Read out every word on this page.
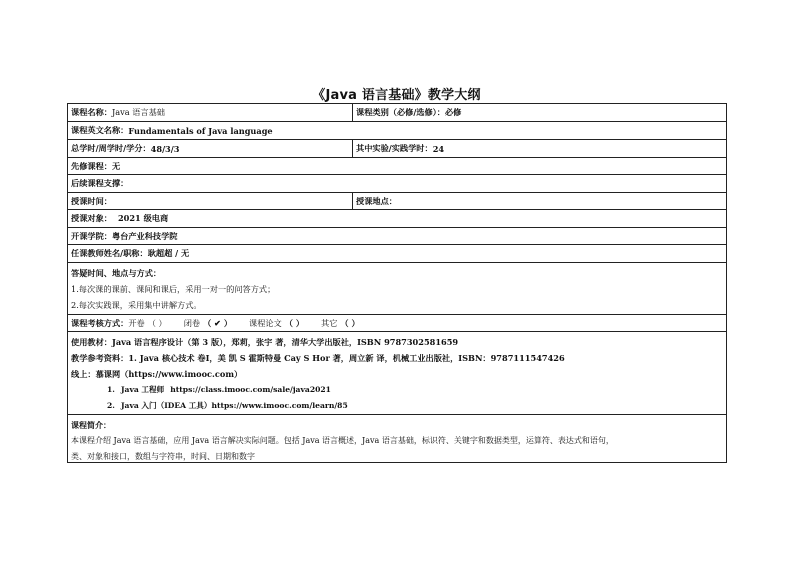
《Java 语言基础》教学大纲
课程名称： Java 语言基础	课程类别（必修/选修）： 必修
课程英文名称： Fundamentals of Java language
总学时/周学时/学分： 48/3/3	其中实验/实践学时： 24
先修课程： 无
后续课程支撑：
授课时间：	授课地点：
授课对象： 2021 级电商
开课学院： 粤台产业科技学院
任课教师姓名/职称： 耿超超 / 无
答疑时间、地点与方式：
1.每次课的课前、课间和课后，采用一对一的问答方式；
2.每次实践课，采用集中讲解方式。
课程考核方式： 开卷 （ ）	闭卷 （ ✔ ）	课程论文 （ ）	其它 （ ）
使用教材：Java 语言程序设计（第 3 版），郑莉，张宇 著，清华大学出版社，ISBN 9787302581659
教学参考资料：1. Java 核心技术 卷Ⅰ，美 凯 S 霍斯特曼 Cay S Hor 著，周立新 译，机械工业出版社，ISBN：9787111547426
线上：慕课网（https://www.imooc.com）
1. Java 工程师 https://class.imooc.com/sale/java2021
2. Java 入门（IDEA 工具） https://www.imooc.com/learn/85
课程简介：
本课程介绍 Java 语言基础，应用 Java 语言解决实际问题。包括 Java 语言概述，Java 语言基础，标识符、关键字和数据类型，运算符、表达式和语句，
类、对象和接口，数组与字符串，时间、日期和数字
